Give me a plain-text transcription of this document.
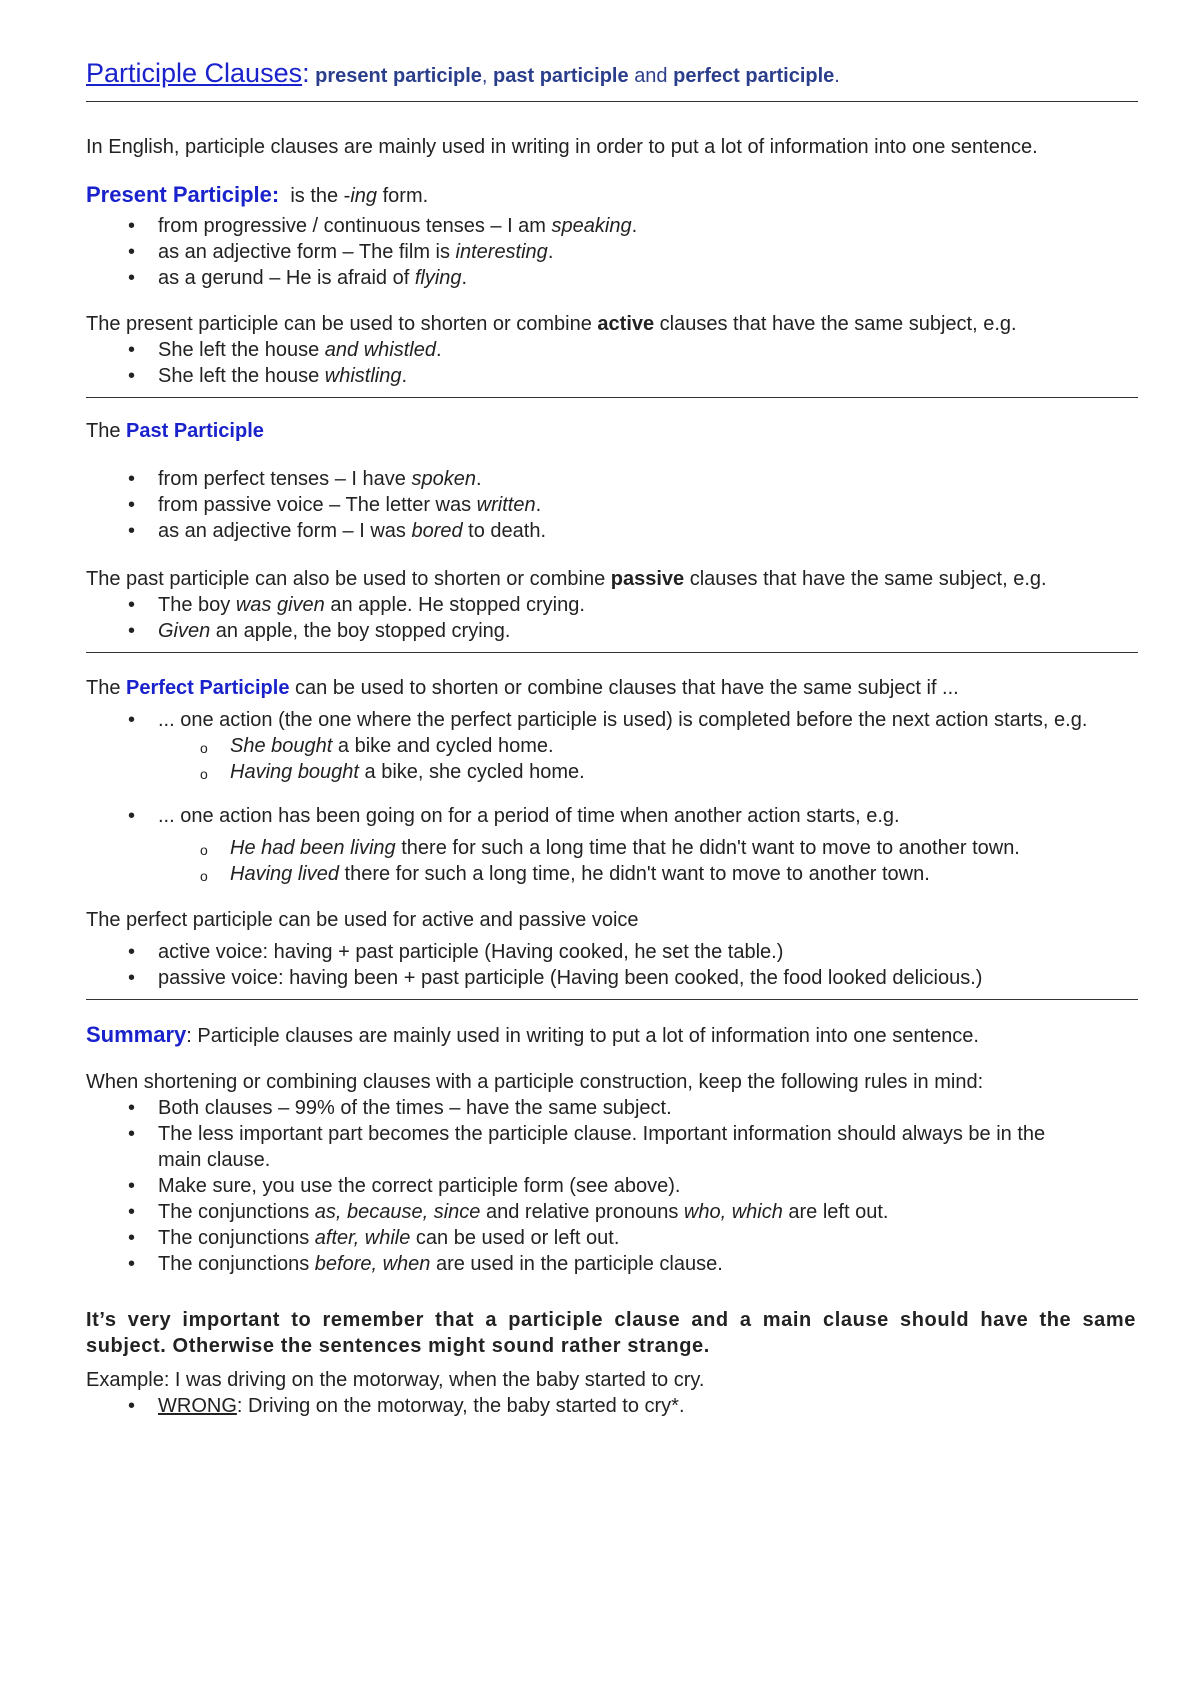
Participle Clauses: present participle, past participle and perfect participle.

In English, participle clauses are mainly used in writing in order to put a lot of information into one sentence.

Present Participle: is the -ing form.

• from progressive / continuous tenses – I am speaking.
• as an adjective form – The film is interesting.
• as a gerund – He is afraid of flying.

The present participle can be used to shorten or combine active clauses that have the same subject, e.g.

• She left the house and whistled.
• She left the house whistling.

The Past Participle

• from perfect tenses – I have spoken.
• from passive voice – The letter was written.
• as an adjective form – I was bored to death.

The past participle can also be used to shorten or combine passive clauses that have the same subject, e.g.

• The boy was given an apple. He stopped crying.
• Given an apple, the boy stopped crying.

The Perfect Participle can be used to shorten or combine clauses that have the same subject if ...

• ... one action (the one where the perfect participle is used) is completed before the next action starts, e.g.
o She bought a bike and cycled home.
o Having bought a bike, she cycled home.
• ... one action has been going on for a period of time when another action starts, e.g.
o He had been living there for such a long time that he didn't want to move to another town.
o Having lived there for such a long time, he didn't want to move to another town.

The perfect participle can be used for active and passive voice

• active voice: having + past participle (Having cooked, he set the table.)
• passive voice: having been + past participle (Having been cooked, the food looked delicious.)

Summary: Participle clauses are mainly used in writing to put a lot of information into one sentence.

When shortening or combining clauses with a participle construction, keep the following rules in mind:

• Both clauses – 99% of the times – have the same subject.
• The less important part becomes the participle clause. Important information should always be in the main clause.
• Make sure, you use the correct participle form (see above).
• The conjunctions as, because, since and relative pronouns who, which are left out.
• The conjunctions after, while can be used or left out.
• The conjunctions before, when are used in the participle clause.

It’s very important to remember that a participle clause and a main clause should have the same subject. Otherwise the sentences might sound rather strange.

Example: I was driving on the motorway, when the baby started to cry.

• WRONG: Driving on the motorway, the baby started to cry*.
